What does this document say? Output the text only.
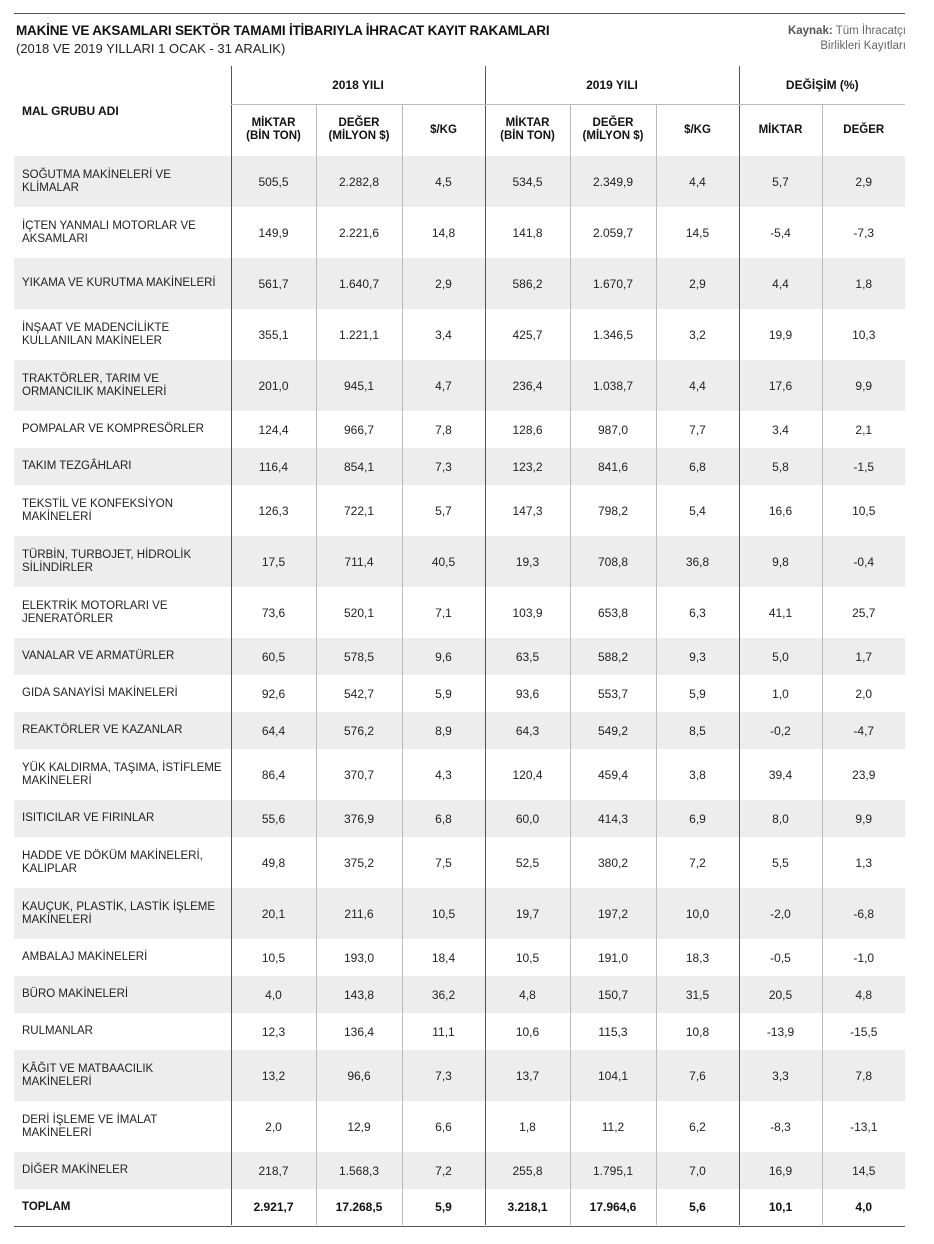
MAKİNE VE AKSAMLARI SEKTÖR TAMAMI İTİBARIYLA İHRACAT KAYIT RAKAMLARI
(2018 VE 2019 YILLARI 1 OCAK - 31 ARALIK)
Kaynak: Tüm İhracatçı
Birlikleri Kayıtları
MAL GRUBU ADI	2018 YILI			2019 YILI			DEĞİŞİM (%)	
	MİKTAR (BİN TON)	DEĞER (MİLYON $)	$/KG	MİKTAR (BİN TON)	DEĞER (MİLYON $)	$/KG	MİKTAR	DEĞER
SOĞUTMA MAKİNELERİ VE KLİMALAR	505,5	2.282,8	4,5	534,5	2.349,9	4,4	5,7	2,9
İÇTEN YANMALI MOTORLAR VE AKSAMLARI	149,9	2.221,6	14,8	141,8	2.059,7	14,5	-5,4	-7,3
YIKAMA VE KURUTMA MAKİNELERİ	561,7	1.640,7	2,9	586,2	1.670,7	2,9	4,4	1,8
İNŞAAT VE MADENCİLİKTE KULLANILAN MAKİNELER	355,1	1.221,1	3,4	425,7	1.346,5	3,2	19,9	10,3
TRAKTÖRLER, TARIM VE ORMANCILIK MAKİNELERİ	201,0	945,1	4,7	236,4	1.038,7	4,4	17,6	9,9
POMPALAR VE KOMPRESÖRLER	124,4	966,7	7,8	128,6	987,0	7,7	3,4	2,1
TAKIM TEZGÂHLARI	116,4	854,1	7,3	123,2	841,6	6,8	5,8	-1,5
TEKSTİL VE KONFEKSİYON MAKİNELERİ	126,3	722,1	5,7	147,3	798,2	5,4	16,6	10,5
TÜRBİN, TURBOJET, HİDROLİK SİLİNDİRLER	17,5	711,4	40,5	19,3	708,8	36,8	9,8	-0,4
ELEKTRİK MOTORLARI VE JENERATÖRLER	73,6	520,1	7,1	103,9	653,8	6,3	41,1	25,7
VANALAR VE ARMATÜRLER	60,5	578,5	9,6	63,5	588,2	9,3	5,0	1,7
GIDA SANAYİSİ MAKİNELERİ	92,6	542,7	5,9	93,6	553,7	5,9	1,0	2,0
REAKTÖRLER VE KAZANLAR	64,4	576,2	8,9	64,3	549,2	8,5	-0,2	-4,7
YÜK KALDIRMA, TAŞIMA, İSTİFLEME MAKİNELERİ	86,4	370,7	4,3	120,4	459,4	3,8	39,4	23,9
ISITICILAR VE FIRINLAR	55,6	376,9	6,8	60,0	414,3	6,9	8,0	9,9
HADDE VE DÖKÜM MAKİNELERİ, KALIPLAR	49,8	375,2	7,5	52,5	380,2	7,2	5,5	1,3
KAUÇUK, PLASTİK, LASTİK İŞLEME MAKİNELERİ	20,1	211,6	10,5	19,7	197,2	10,0	-2,0	-6,8
AMBALAJ MAKİNELERİ	10,5	193,0	18,4	10,5	191,0	18,3	-0,5	-1,0
BÜRO MAKİNELERİ	4,0	143,8	36,2	4,8	150,7	31,5	20,5	4,8
RULMANLAR	12,3	136,4	11,1	10,6	115,3	10,8	-13,9	-15,5
KÂĞIT VE MATBAACILIK MAKİNELERİ	13,2	96,6	7,3	13,7	104,1	7,6	3,3	7,8
DERİ İŞLEME VE İMALAT MAKİNELERİ	2,0	12,9	6,6	1,8	11,2	6,2	-8,3	-13,1
DİĞER MAKİNELER	218,7	1.568,3	7,2	255,8	1.795,1	7,0	16,9	14,5
TOPLAM	2.921,7	17.268,5	5,9	3.218,1	17.964,6	5,6	10,1	4,0
